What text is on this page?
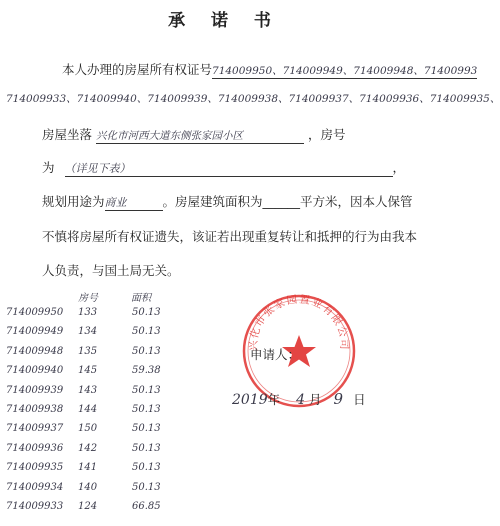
承 诺 书
本人办理的房屋所有权证号714009950、714009949、714009948、71400993
714009933、714009940、714009939、714009938、714009937、714009936、714009935、
房屋坐落 兴化市河西大道东侧张家园小区	，房号
为 （详见下表）	，
规划用途为商业	。房屋建筑面积为______平方米，因本人保管
不慎将房屋所有权证遗失，该证若出现重复转让和抵押的行为由我本
人负责，与国土局无关。
房号	面积
714009950 133	50.13
714009949 134	50.13
714009948 135	50.13
714009940 145	59.38
714009939 143	50.13
714009938 144	50.13
714009937 150	50.13
714009936 142	50.13
714009935 141	50.13
714009934 140	50.13
714009933 124	66.85
兴化市张家园置业有限公司
申请人：
2019年 4 月 9 日
